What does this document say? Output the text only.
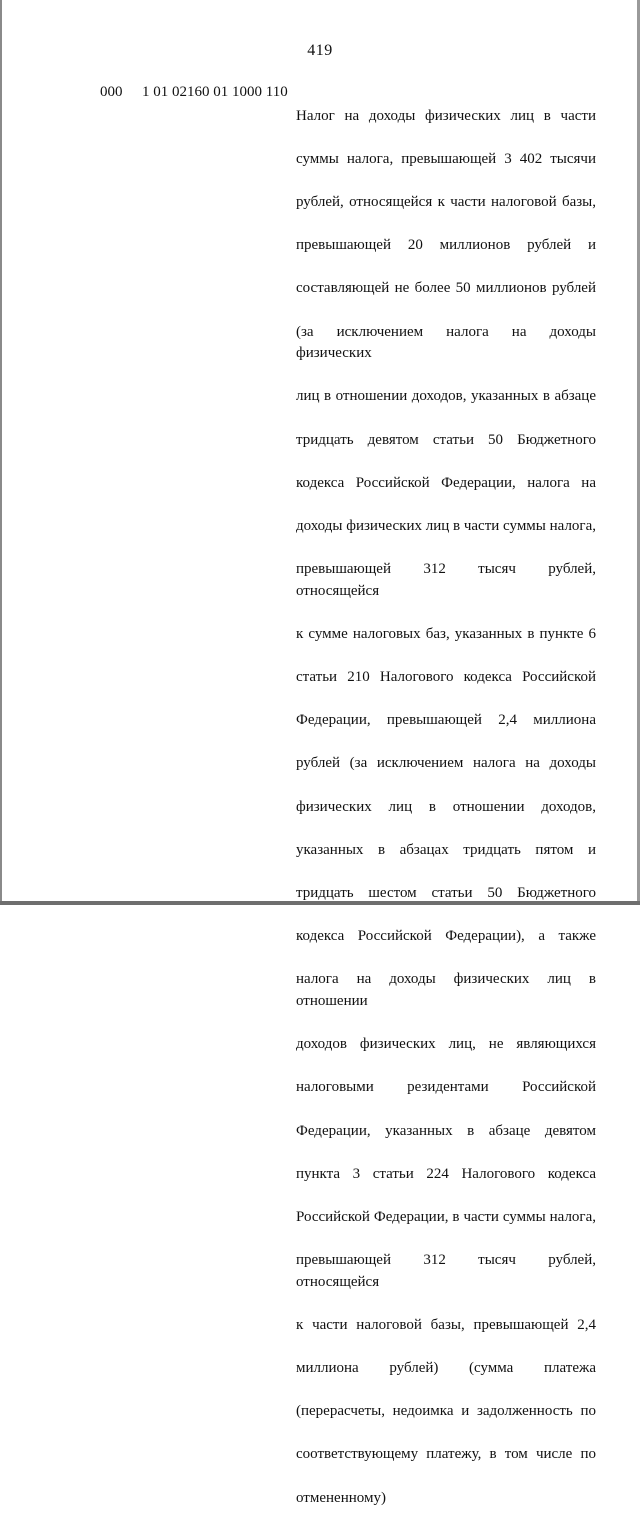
419
000 1 01 02160 01 1000 110

Налог на доходы физических лиц в части

суммы налога, превышающей 3 402 тысячи

рублей, относящейся к части налоговой базы,

превышающей 20 миллионов рублей и

составляющей не более 50 миллионов рублей

(за исключением налога на доходы физических

лиц в отношении доходов, указанных в абзаце

тридцать девятом статьи 50 Бюджетного

кодекса Российской Федерации, налога на

доходы физических лиц в части суммы налога,

превышающей 312 тысяч рублей, относящейся

к сумме налоговых баз, указанных в пункте 6

статьи 210 Налогового кодекса Российской

Федерации, превышающей 2,4 миллиона

рублей (за исключением налога на доходы

физических лиц в отношении доходов,

указанных в абзацах тридцать пятом и

тридцать шестом статьи 50 Бюджетного

кодекса Российской Федерации), а также

налога на доходы физических лиц в отношении

доходов физических лиц, не являющихся

налоговыми резидентами Российской

Федерации, указанных в абзаце девятом

пункта 3 статьи 224 Налогового кодекса

Российской Федерации, в части суммы налога,

превышающей 312 тысяч рублей, относящейся

к части налоговой базы, превышающей 2,4

миллиона рублей) (сумма платежа

(перерасчеты, недоимка и задолженность по

соответствующему платежу, в том числе по

отмененному)
